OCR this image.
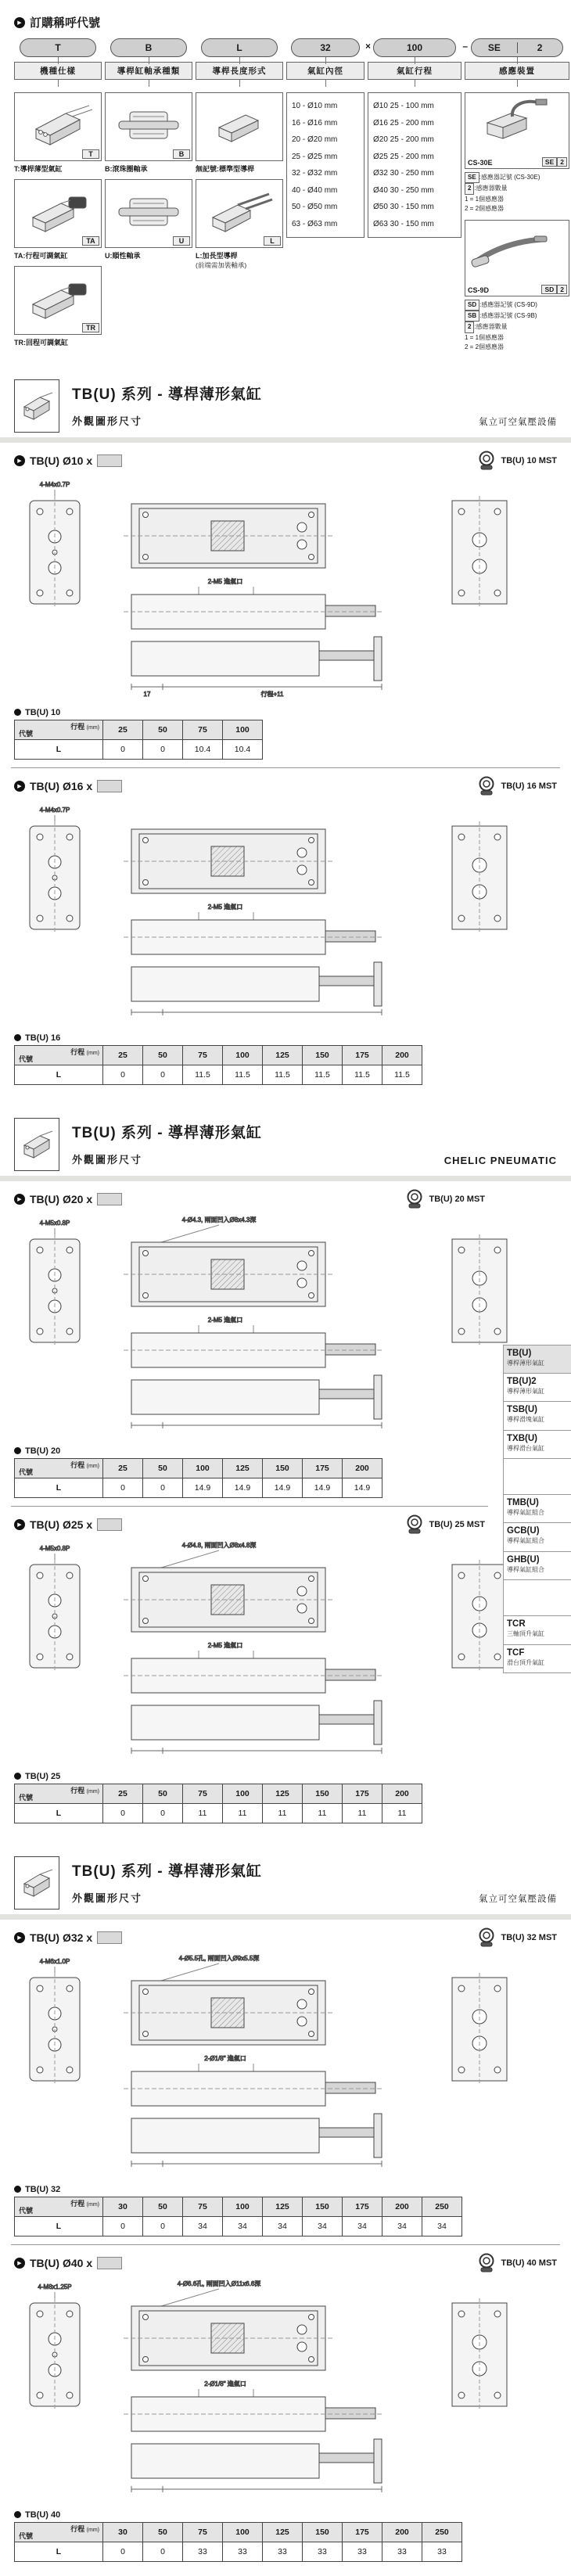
▶ 訂購稱呼代號
T	B	L	32	×	100	–	SE	2
機種仕樣
T
T:導桿薄型氣缸
TA
TA:行程可調氣缸
TR
TR:回程可調氣缸
導桿缸軸承種類
B
B:滾珠圈軸承
U
U:順性軸承
導桿長度形式
無記號:標準型導桿
L
L:加長型導桿
(前端需加裝軸承)
氣缸內徑
10 - Ø10 mm
16 - Ø16 mm
20 - Ø20 mm
25 - Ø25 mm
32 - Ø32 mm
40 - Ø40 mm
50 - Ø50 mm
63 - Ø63 mm
氣缸行程
Ø10 25 - 100 mm
Ø16 25 - 200 mm
Ø20 25 - 200 mm
Ø25 25 - 200 mm
Ø32 30 - 250 mm
Ø40 30 - 250 mm
Ø50 30 - 150 mm
Ø63 30 - 150 mm
感應裝置
CS-30E	SE 2
SE :感應器記號 (CS-30E)
2 :感應器數量
1 = 1個感應器
2 = 2個感應器
CS-9D	SD 2
SD :感應器記號 (CS-9D)
SB :感應器記號 (CS-9B)
2 :感應器數量
1 = 1個感應器
2 = 2個感應器
TB(U) 系列 - 導桿薄形氣缸
外觀圖形尺寸	氣立可空氣壓設備
▶ TB(U) Ø10 x	TB(U) 10 MST
4-M4x0.7P
2-M5 進氣口
17	行程+11
TB(U) 10
行程 (mm)
代號	25	50	75	100
L	0	0	10.4	10.4
▶ TB(U) Ø16 x	TB(U) 16 MST
4-M4x0.7P
2-M5 進氣口
TB(U) 16
行程 (mm)
代號	25	50	75	100	125	150	175	200
L	0	0	11.5	11.5	11.5	11.5	11.5	11.5
TB(U) 系列 - 導桿薄形氣缸
外觀圖形尺寸	CHELIC PNEUMATIC
▶ TB(U) Ø20 x	TB(U) 20 MST
4-M5x0.8P	4-Ø4.3, 兩面凹入Ø8x4.3深
2-M5 進氣口
TB(U) 20
行程 (mm)
代號	25	50	100	125	150	175	200
L	0	0	14.9	14.9	14.9	14.9	14.9
▶ TB(U) Ø25 x	TB(U) 25 MST
4-M5x0.8P	4-Ø4.8, 兩面凹入Ø8x4.8深
2-M5 進氣口
TB(U) 25
行程 (mm)
代號	25	50	75	100	125	150	175	200
L	0	0	11	11	11	11	11	11
TB(U)
導桿薄形氣缸
TB(U)2
導桿薄形氣缸
TSB(U)
導桿滑塊氣缸
TXB(U)
導桿滑台氣缸
TMB(U)
導桿氣缸組合
GCB(U)
導桿氣缸組合
GHB(U)
導桿氣缸組合
TCR
三軸頂升氣缸
TCF
滑台頂升氣缸
TB(U) 系列 - 導桿薄形氣缸
外觀圖形尺寸	氣立可空氣壓設備
▶ TB(U) Ø32 x	TB(U) 32 MST
4-M6x1.0P	4-Ø5.5孔, 兩面凹入Ø9x5.5深
2-Ø1/8" 進氣口
TB(U) 32
行程 (mm)
代號	30	50	75	100	125	150	175	200	250
L	0	0	34	34	34	34	34	34	34
▶ TB(U) Ø40 x	TB(U) 40 MST
4-M8x1.25P	4-Ø6.6孔, 兩面凹入Ø11x6.6深
2-Ø1/8" 進氣口
TB(U) 40
行程 (mm)
代號	30	50	75	100	125	150	175	200	250
L	0	0	33	33	33	33	33	33	33
